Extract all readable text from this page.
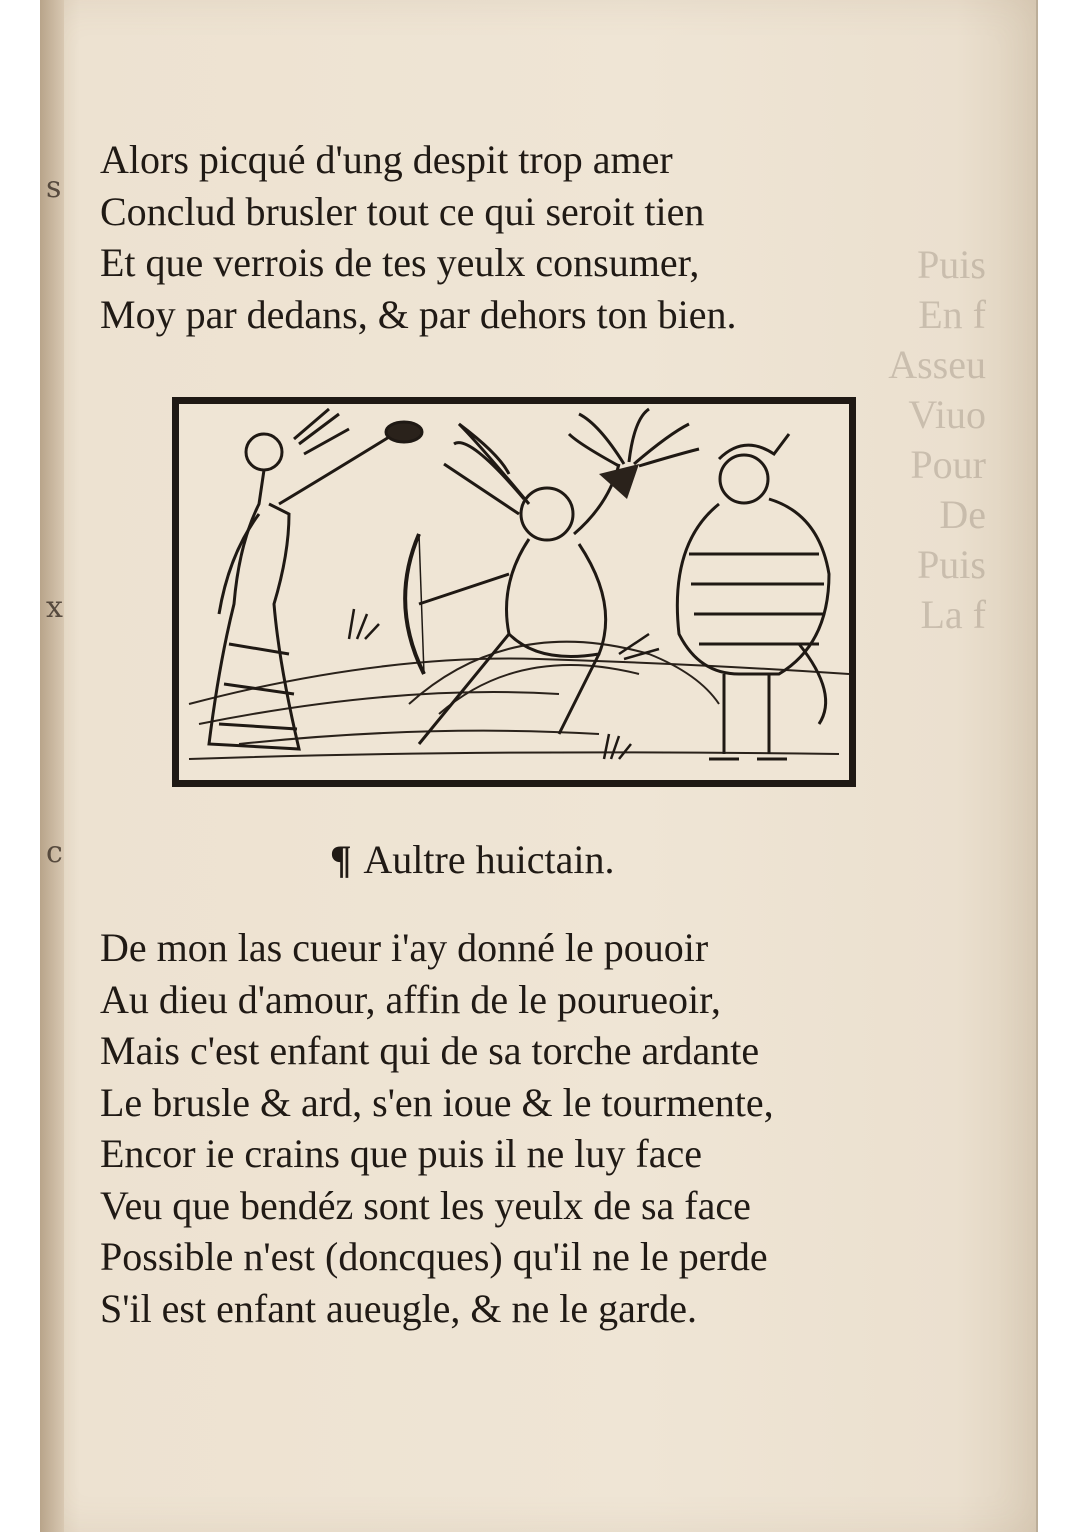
s
x
c
Puis
En f
Asseu
Viuo
Pour
De
Puis
La f
Alors picqué d'ung despit trop amer
Conclud brusler tout ce qui seroit tien
Et que verrois de tes yeulx consumer,
Moy par dedans, & par dehors ton bien.
¶ Aultre huictain.
De mon las cueur i'ay donné le pouoir
Au dieu d'amour, affin de le pourueoir,
Mais c'est enfant qui de sa torche ardante
Le brusle & ard, s'en ioue & le tourmente,
Encor ie crains que puis il ne luy face
Veu que bendéz sont les yeulx de sa face
Possible n'est (doncques) qu'il ne le perde
S'il est enfant aueugle, & ne le garde.
